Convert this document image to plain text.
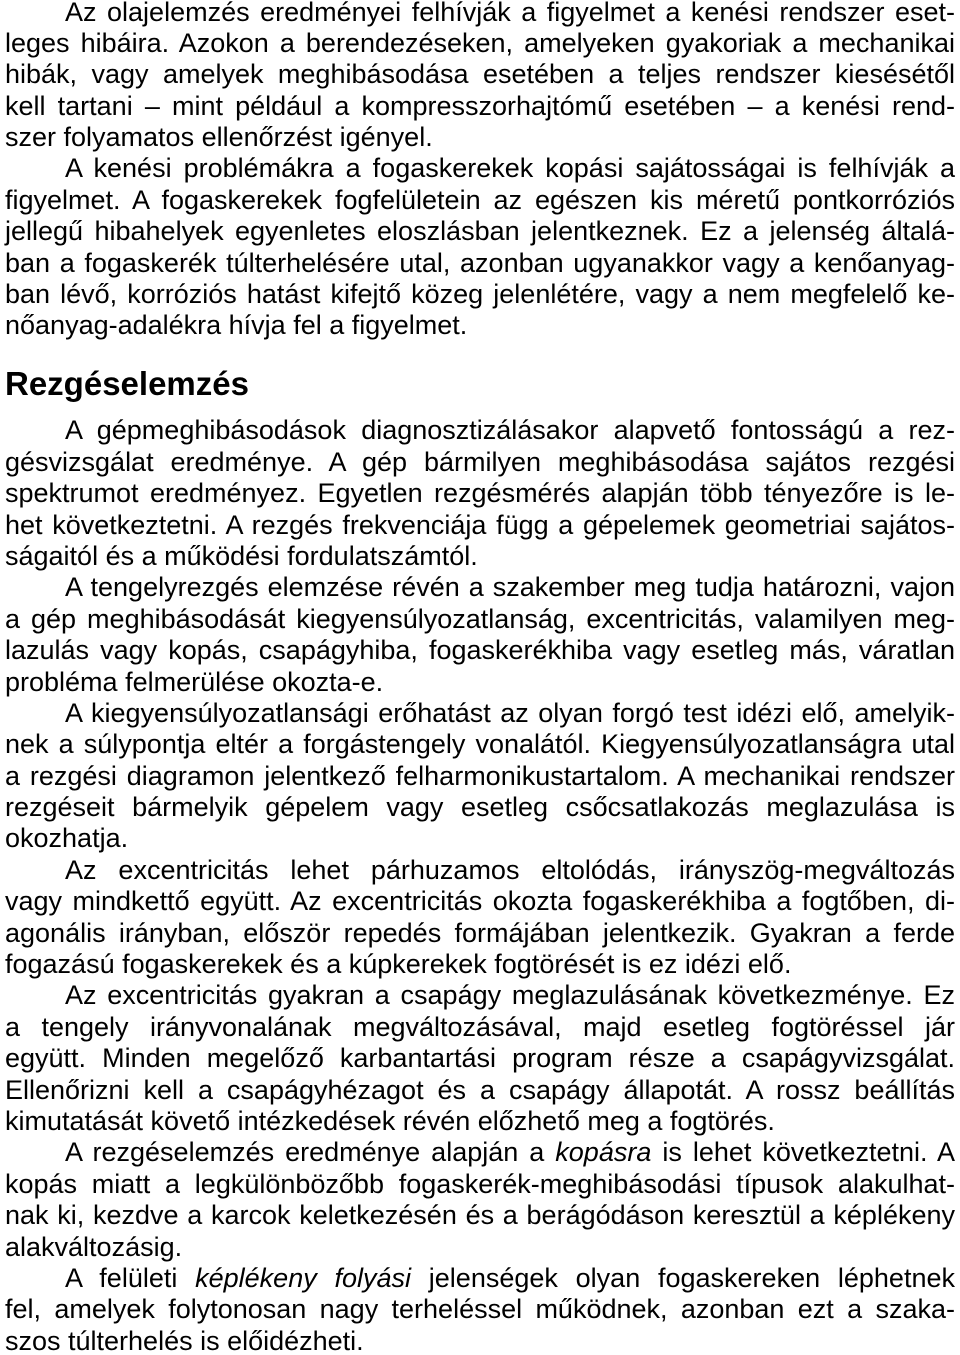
Az olajelemzés eredményei felhívják a figyelmet a kenési rendszer eset-
leges hibáira. Azokon a berendezéseken, amelyeken gyakoriak a mechanikai
hibák, vagy amelyek meghibásodása esetében a teljes rendszer kiesésétől
kell tartani – mint például a kompresszorhajtómű esetében – a kenési rend-
szer folyamatos ellenőrzést igényel.
A kenési problémákra a fogaskerekek kopási sajátosságai is felhívják a
figyelmet. A fogaskerekek fogfelületein az egészen kis méretű pontkorróziós
jellegű hibahelyek egyenletes eloszlásban jelentkeznek. Ez a jelenség általá-
ban a fogaskerék túlterhelésére utal, azonban ugyanakkor vagy a kenőanyag-
ban lévő, korróziós hatást kifejtő közeg jelenlétére, vagy a nem megfelelő ke-
nőanyag-adalékra hívja fel a figyelmet.
Rezgéselemzés
A gépmeghibásodások diagnosztizálásakor alapvető fontosságú a rez-
gésvizsgálat eredménye. A gép bármilyen meghibásodása sajátos rezgési
spektrumot eredményez. Egyetlen rezgésmérés alapján több tényezőre is le-
het következtetni. A rezgés frekvenciája függ a gépelemek geometriai sajátos-
ságaitól és a működési fordulatszámtól.
A tengelyrezgés elemzése révén a szakember meg tudja határozni, vajon
a gép meghibásodását kiegyensúlyozatlanság, excentricitás, valamilyen meg-
lazulás vagy kopás, csapágyhiba, fogaskerékhiba vagy esetleg más, váratlan
probléma felmerülése okozta-e.
A kiegyensúlyozatlansági erőhatást az olyan forgó test idézi elő, amelyik-
nek a súlypontja eltér a forgástengely vonalától. Kiegyensúlyozatlanságra utal
a rezgési diagramon jelentkező felharmonikustartalom. A mechanikai rendszer
rezgéseit bármelyik gépelem vagy esetleg csőcsatlakozás meglazulása is
okozhatja.
Az excentricitás lehet párhuzamos eltolódás, irányszög-megváltozás
vagy mindkettő együtt. Az excentricitás okozta fogaskerékhiba a fogtőben, di-
agonális irányban, először repedés formájában jelentkezik. Gyakran a ferde
fogazású fogaskerekek és a kúpkerekek fogtörését is ez idézi elő.
Az excentricitás gyakran a csapágy meglazulásának következménye. Ez
a tengely irányvonalának megváltozásával, majd esetleg fogtöréssel jár
együtt. Minden megelőző karbantartási program része a csapágyvizsgálat.
Ellenőrizni kell a csapágyhézagot és a csapágy állapotát. A rossz beállítás
kimutatását követő intézkedések révén előzhető meg a fogtörés.
A rezgéselemzés eredménye alapján a kopásra is lehet következtetni. A
kopás miatt a legkülönbözőbb fogaskerék-meghibásodási típusok alakulhat-
nak ki, kezdve a karcok keletkezésén és a berágódáson keresztül a képlékeny
alakváltozásig.
A felületi képlékeny folyási jelenségek olyan fogaskereken léphetnek
fel, amelyek folytonosan nagy terheléssel működnek, azonban ezt a szaka-
szos túlterhelés is előidézheti.
